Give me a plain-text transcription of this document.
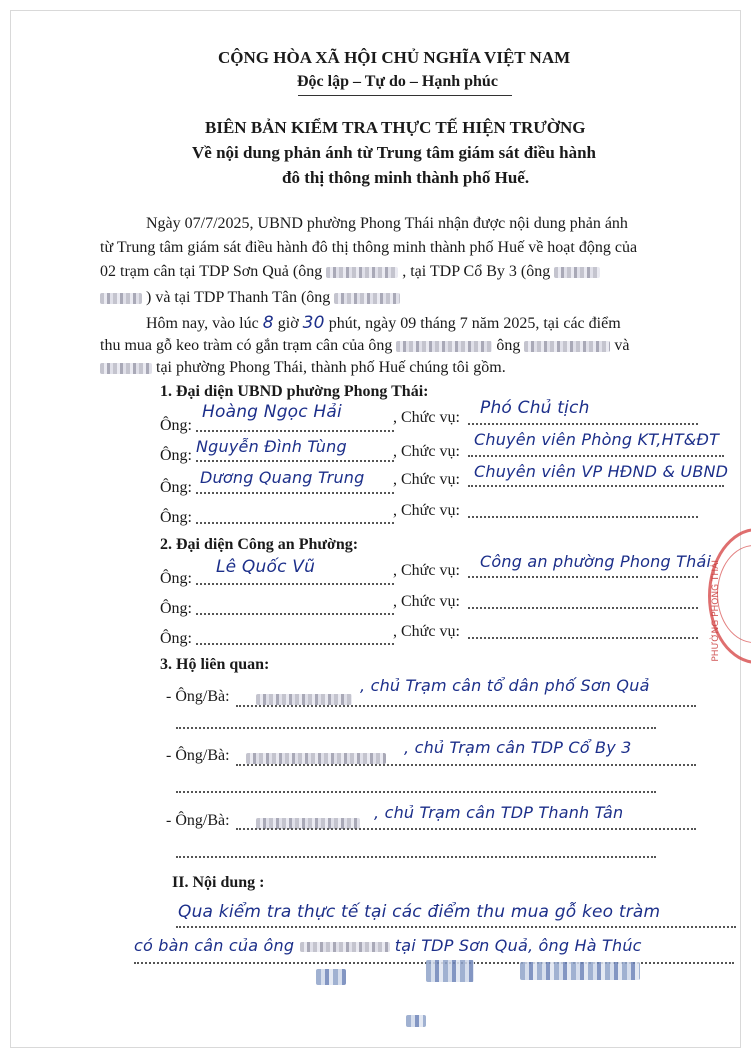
CỘNG HÒA XÃ HỘI CHỦ NGHĨA VIỆT NAM
Độc lập – Tự do – Hạnh phúc
BIÊN BẢN KIỂM TRA THỰC TẾ HIỆN TRƯỜNG
Về nội dung phản ánh từ Trung tâm giám sát điều hành
đô thị thông minh thành phố Huế.
Ngày 07/7/2025, UBND phường Phong Thái nhận được nội dung phản ánh
từ Trung tâm giám sát điều hành đô thị thông minh thành phố Huế về hoạt động của
02 trạm cân tại TDP Sơn Quả (ông	, tại TDP Cổ By 3 (ông
) và tại TDP Thanh Tân (ông
Hôm nay, vào lúc 8 giờ 30 phút, ngày 09 tháng 7 năm 2025, tại các điểm
thu mua gỗ keo tràm có gắn trạm cân của ông	ông	và
tại phường Phong Thái, thành phố Huế chúng tôi gồm.
1. Đại diện UBND phường Phong Thái:
Ông:
Hoàng Ngọc Hải	, Chức vụ: Phó Chủ tịch
Ông: Nguyễn Đình Tùng	, Chức vụ:
Chuyên viên Phòng KT,HT&ĐT
Ông:
Dương Quang Trung , Chức vụ: Chuyên viên VP HĐND & UBND
Ông:	, Chức vụ:
2. Đại diện Công an Phường:
Ông:
Lê Quốc Vũ	, Chức vụ: Công an phường Phong Thái
Ông:	, Chức vụ:
Ông:	, Chức vụ:
3. Hộ liên quan:
- Ông/Bà:
, chủ Trạm cân tổ dân phố Sơn Quả
- Ông/Bà:	, chủ Trạm cân TDP Cổ By 3
- Ông/Bà:	, chủ Trạm cân TDP Thanh Tân
II. Nội dung :
Qua kiểm tra thực tế tại các điểm thu mua gỗ keo tràm
có bàn cân của ông	tại TDP Sơn Quả, ông Hà Thúc
PHƯỜNG PHONG THÁI
